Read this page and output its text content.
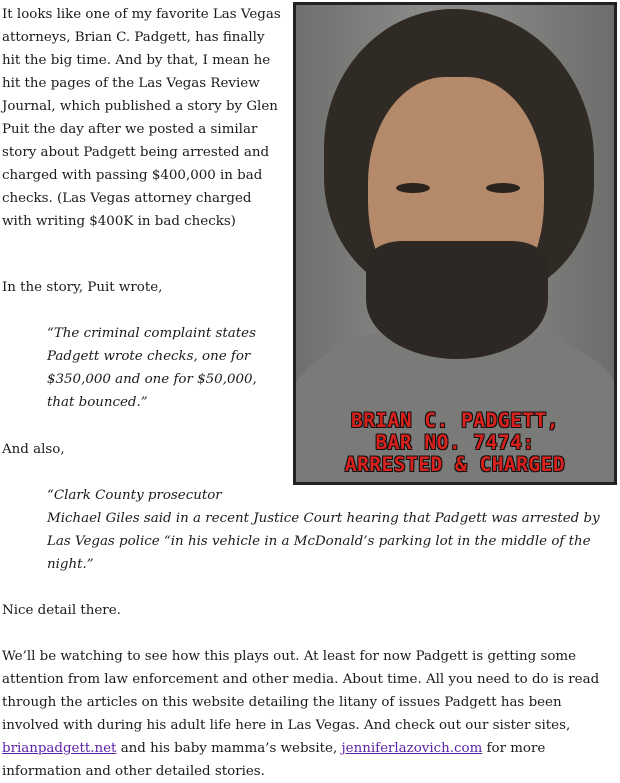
It looks like one of my favorite Las Vegas attorneys, Brian C. Padgett, has finally hit the big time. And by that, I mean he hit the pages of the Las Vegas Review Journal, which published a story by Glen Puit the day after we posted a similar story about Padgett being arrested and charged with passing $400,000 in bad checks. (Las Vegas attorney charged with writing $400K in bad checks)

In the story, Puit wrote,

“The criminal complaint states Padgett wrote checks, one for $350,000 and one for $50,000, that bounced.”

And also,

“Clark County prosecutor
Michael Giles said in a recent Justice Court hearing that Padgett was arrested by Las Vegas police “in his vehicle in a McDonald’s parking lot in the middle of the night.”

Nice detail there.

We’ll be watching to see how this plays out. At least for now Padgett is getting some attention from law enforcement and other media. About time. All you need to do is read through the articles on this website detailing the litany of issues Padgett has been involved with during his adult life here in Las Vegas. And check out our sister sites, brianpadgett.net and his baby mamma’s website, jenniferlazovich.com for more information and other detailed stories.

BRIAN C. PADGETT,
BAR NO. 7474:
ARRESTED & CHARGED
